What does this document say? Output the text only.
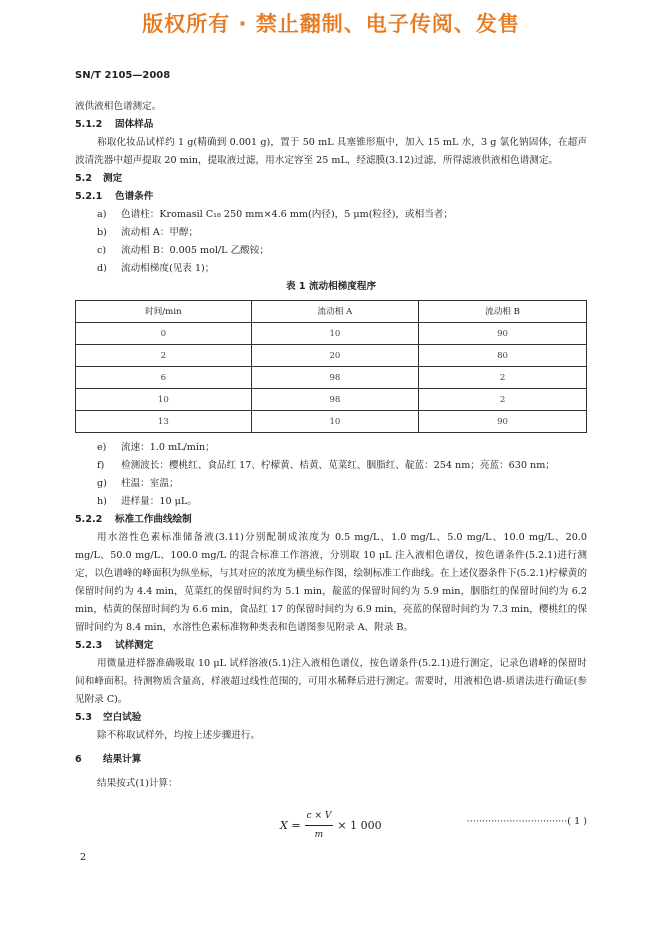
版权所有 · 禁止翻制、电子传阅、发售
SN/T 2105—2008
液供液相色谱测定。
5.1.2 固体样品
称取化妆品试样约 1 g(精确到 0.001 g)，置于 50 mL 具塞锥形瓶中，加入 15 mL 水，3 g 氯化钠固体，在超声波清洗器中超声提取 20 min，提取液过滤，用水定容至 25 mL，经滤膜(3.12)过滤，所得滤液供液相色谱测定。
5.2 测定
5.2.1 色谱条件
a) 色谱柱：Kromasil C₁₈ 250 mm×4.6 mm(内径)，5 μm(粒径)，或相当者；
b) 流动相 A：甲醇；
c) 流动相 B：0.005 mol/L 乙酸铵；
d) 流动相梯度(见表 1)；
表 1 流动相梯度程序
时间/min	流动相 A	流动相 B
0	10	90
2	20	80
6	98	2
10	98	2
13	10	90
e) 流速：1.0 mL/min；
f) 检测波长：樱桃红、食品红 17、柠檬黄、桔黄、苋菜红、胭脂红、靛蓝：254 nm；亮蓝：630 nm；
g) 柱温：室温；
h) 进样量：10 μL。
5.2.2 标准工作曲线绘制
用水溶性色素标准储备液(3.11)分别配制成浓度为 0.5 mg/L、1.0 mg/L、5.0 mg/L、10.0 mg/L、20.0 mg/L、50.0 mg/L、100.0 mg/L 的混合标准工作溶液，分别取 10 μL 注入液相色谱仪，按色谱条件(5.2.1)进行测定，以色谱峰的峰面积为纵坐标，与其对应的浓度为横坐标作图，绘制标准工作曲线。在上述仪器条件下(5.2.1)柠檬黄的保留时间约为 4.4 min，苋菜红的保留时间约为 5.1 min，靛蓝的保留时间约为 5.9 min，胭脂红的保留时间约为 6.2 min，桔黄的保留时间约为 6.6 min，食品红 17 的保留时间约为 6.9 min，亮蓝的保留时间约为 7.3 min，樱桃红的保留时间约为 8.4 min，水溶性色素标准物种类表和色谱图参见附录 A、附录 B。
5.2.3 试样测定
用微量进样器准确吸取 10 μL 试样溶液(5.1)注入液相色谱仪，按色谱条件(5.2.1)进行测定，记录色谱峰的保留时间和峰面积。待测物质含量高，样液超过线性范围的，可用水稀释后进行测定。需要时，用液相色谱-质谱法进行确证(参见附录 C)。
5.3 空白试验
除不称取试样外，均按上述步骤进行。
6 结果计算
结果按式(1)计算：
$X = \frac{c \times V}{m} \times 1$ 000	·································( 1 )
2
